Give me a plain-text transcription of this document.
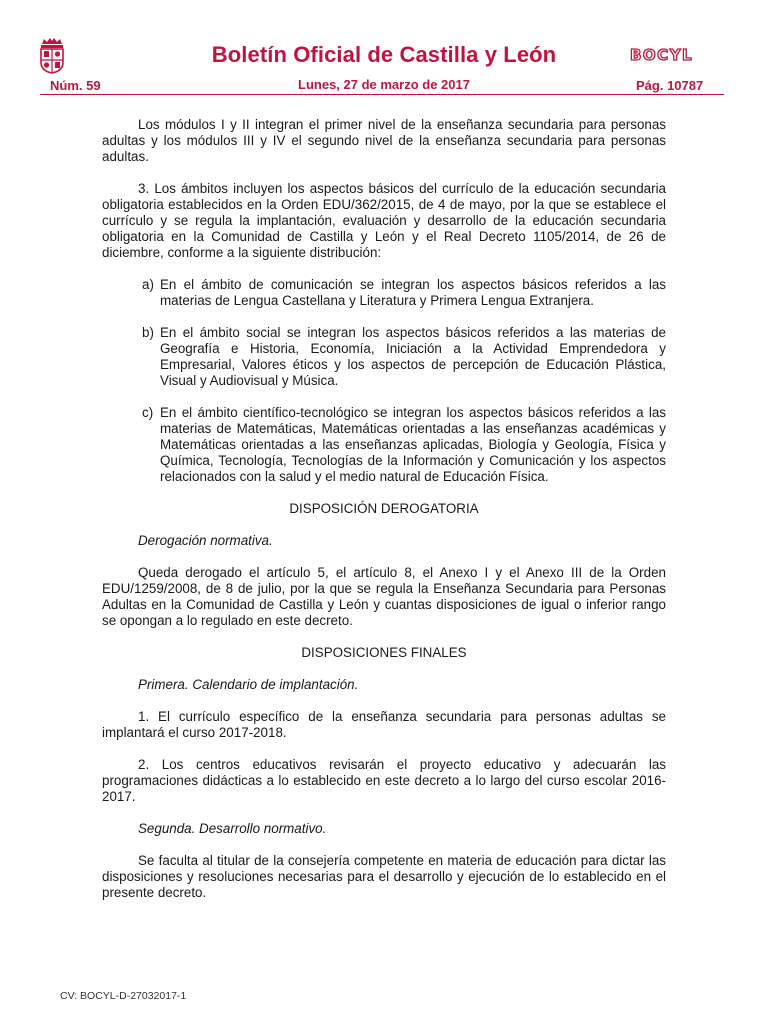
Boletín Oficial de Castilla y León	BOCYL
Núm. 59	Lunes, 27 de marzo de 2017	Pág. 10787

Los módulos I y II integran el primer nivel de la enseñanza secundaria para personas adultas y los módulos III y IV el segundo nivel de la enseñanza secundaria para personas adultas.

3. Los ámbitos incluyen los aspectos básicos del currículo de la educación secundaria obligatoria establecidos en la Orden EDU/362/2015, de 4 de mayo, por la que se establece el currículo y se regula la implantación, evaluación y desarrollo de la educación secundaria obligatoria en la Comunidad de Castilla y León y el Real Decreto 1105/2014, de 26 de diciembre, conforme a la siguiente distribución:

a) En el ámbito de comunicación se integran los aspectos básicos referidos a las materias de Lengua Castellana y Literatura y Primera Lengua Extranjera.
b) En el ámbito social se integran los aspectos básicos referidos a las materias de Geografía e Historia, Economía, Iniciación a la Actividad Emprendedora y Empresarial, Valores éticos y los aspectos de percepción de Educación Plástica, Visual y Audiovisual y Música.
c) En el ámbito científico-tecnológico se integran los aspectos básicos referidos a las materias de Matemáticas, Matemáticas orientadas a las enseñanzas académicas y Matemáticas orientadas a las enseñanzas aplicadas, Biología y Geología, Física y Química, Tecnología, Tecnologías de la Información y Comunicación y los aspectos relacionados con la salud y el medio natural de Educación Física.

DISPOSICIÓN DEROGATORIA

Derogación normativa.

Queda derogado el artículo 5, el artículo 8, el Anexo I y el Anexo III de la Orden EDU/1259/2008, de 8 de julio, por la que se regula la Enseñanza Secundaria para Personas Adultas en la Comunidad de Castilla y León y cuantas disposiciones de igual o inferior rango se opongan a lo regulado en este decreto.

DISPOSICIONES FINALES

Primera. Calendario de implantación.

1. El currículo específico de la enseñanza secundaria para personas adultas se implantará el curso 2017-2018.

2. Los centros educativos revisarán el proyecto educativo y adecuarán las programaciones didácticas a lo establecido en este decreto a lo largo del curso escolar 2016-2017.

Segunda. Desarrollo normativo.

Se faculta al titular de la consejería competente en materia de educación para dictar las disposiciones y resoluciones necesarias para el desarrollo y ejecución de lo establecido en el presente decreto.

CV: BOCYL-D-27032017-1
